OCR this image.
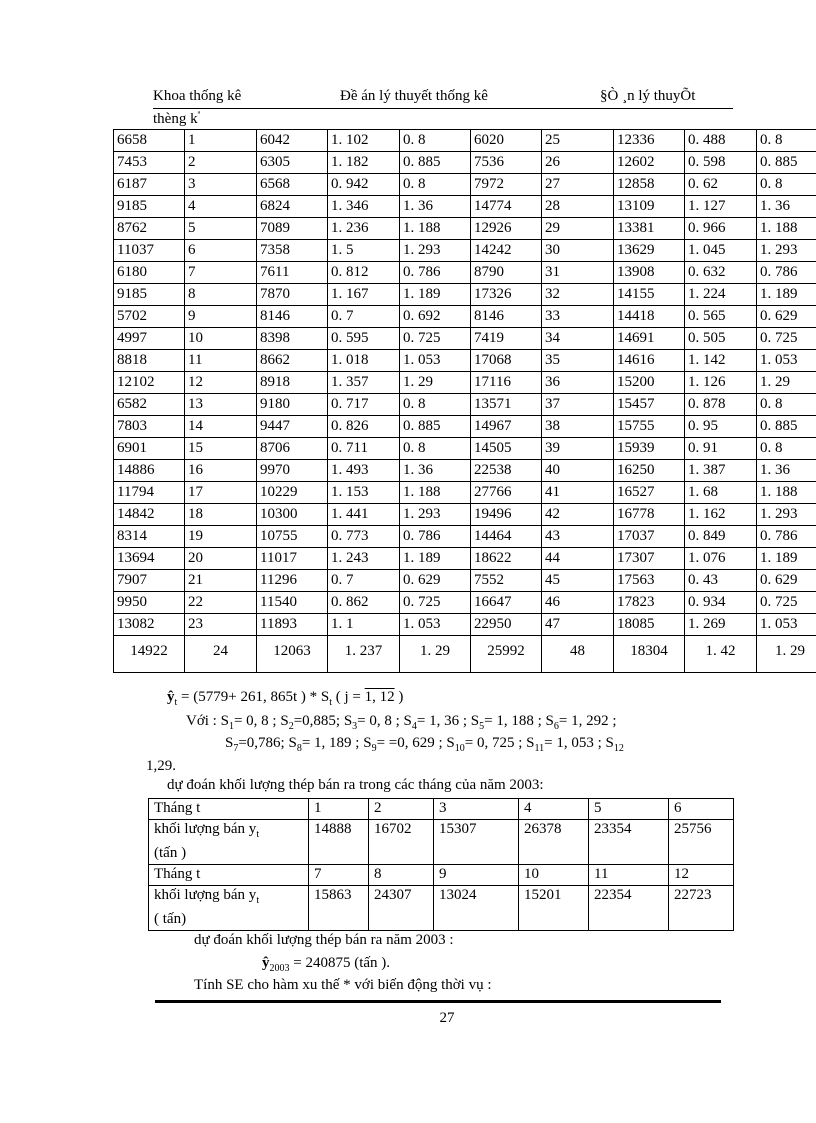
Khoa thống kê	Đề án lý thuyết thống kê	§Ò ¸n lý thuyÕt
thèng $k^ª$
6658	1	6042	1. 102	0. 8	6020	25	12336	0. 488	0. 8
7453	2	6305	1. 182	0. 885	7536	26	12602	0. 598	0. 885
6187	3	6568	0. 942	0. 8	7972	27	12858	0. 62	0. 8
9185	4	6824	1. 346	1. 36	14774	28	13109	1. 127	1. 36
8762	5	7089	1. 236	1. 188	12926	29	13381	0. 966	1. 188
11037	6	7358	1. 5	1. 293	14242	30	13629	1. 045	1. 293
6180	7	7611	0. 812	0. 786	8790	31	13908	0. 632	0. 786
9185	8	7870	1. 167	1. 189	17326	32	14155	1. 224	1. 189
5702	9	8146	0. 7	0. 692	8146	33	14418	0. 565	0. 629
4997	10	8398	0. 595	0. 725	7419	34	14691	0. 505	0. 725
8818	11	8662	1. 018	1. 053	17068	35	14616	1. 142	1. 053
12102	12	8918	1. 357	1. 29	17116	36	15200	1. 126	1. 29
6582	13	9180	0. 717	0. 8	13571	37	15457	0. 878	0. 8
7803	14	9447	0. 826	0. 885	14967	38	15755	0. 95	0. 885
6901	15	8706	0. 711	0. 8	14505	39	15939	0. 91	0. 8
14886	16	9970	1. 493	1. 36	22538	40	16250	1. 387	1. 36
11794	17	10229	1. 153	1. 188	27766	41	16527	1. 68	1. 188
14842	18	10300	1. 441	1. 293	19496	42	16778	1. 162	1. 293
8314	19	10755	0. 773	0. 786	14464	43	17037	0. 849	0. 786
13694	20	11017	1. 243	1. 189	18622	44	17307	1. 076	1. 189
7907	21	11296	0. 7	0. 629	7552	45	17563	0. 43	0. 629
9950	22	11540	0. 862	0. 725	16647	46	17823	0. 934	0. 725
13082	23	11893	1. 1	1. 053	22950	47	18085	1. 269	1. 053
14922	24	12063	1. 237	1. 29	25992	48	18304	1. 42	1. 29
$ŷ_t = (5779+ 261$, 865t ) * $S_t$ ( j = 1, 12 )
Với : $S_1= 0$, 8 ; $S_2=0,885$; $S_3= 0$, 8 ; $S_4= 1$, 36 ; $S_5= 1$, 188 ; $S_6= 1$, 292 ;
$S_7=0,786$; $S_8= 1$, 189 ; $S_9= =0$, 629 ; $S_{10}= 0$, 725 ; $S_{11}= 1$, 053 ; $S_{12}$
1,29.
dự đoán khối lượng thép bán ra trong các tháng của năm 2003:
Tháng t	1	2	3	4	5	6
khối lượng bán $y_t$
(tấn )	14888	16702	15307	26378	23354	25756
Tháng t	7	8	9	10	11	12
khối lượng bán $y_t$
( tấn)	15863	24307	13024	15201	22354	22723
dự đoán khối lượng thép bán ra năm 2003 :
$ŷ_{2003} = 240875$ (tấn ).
Tính SE cho hàm xu thế * với biến động thời vụ :
27
